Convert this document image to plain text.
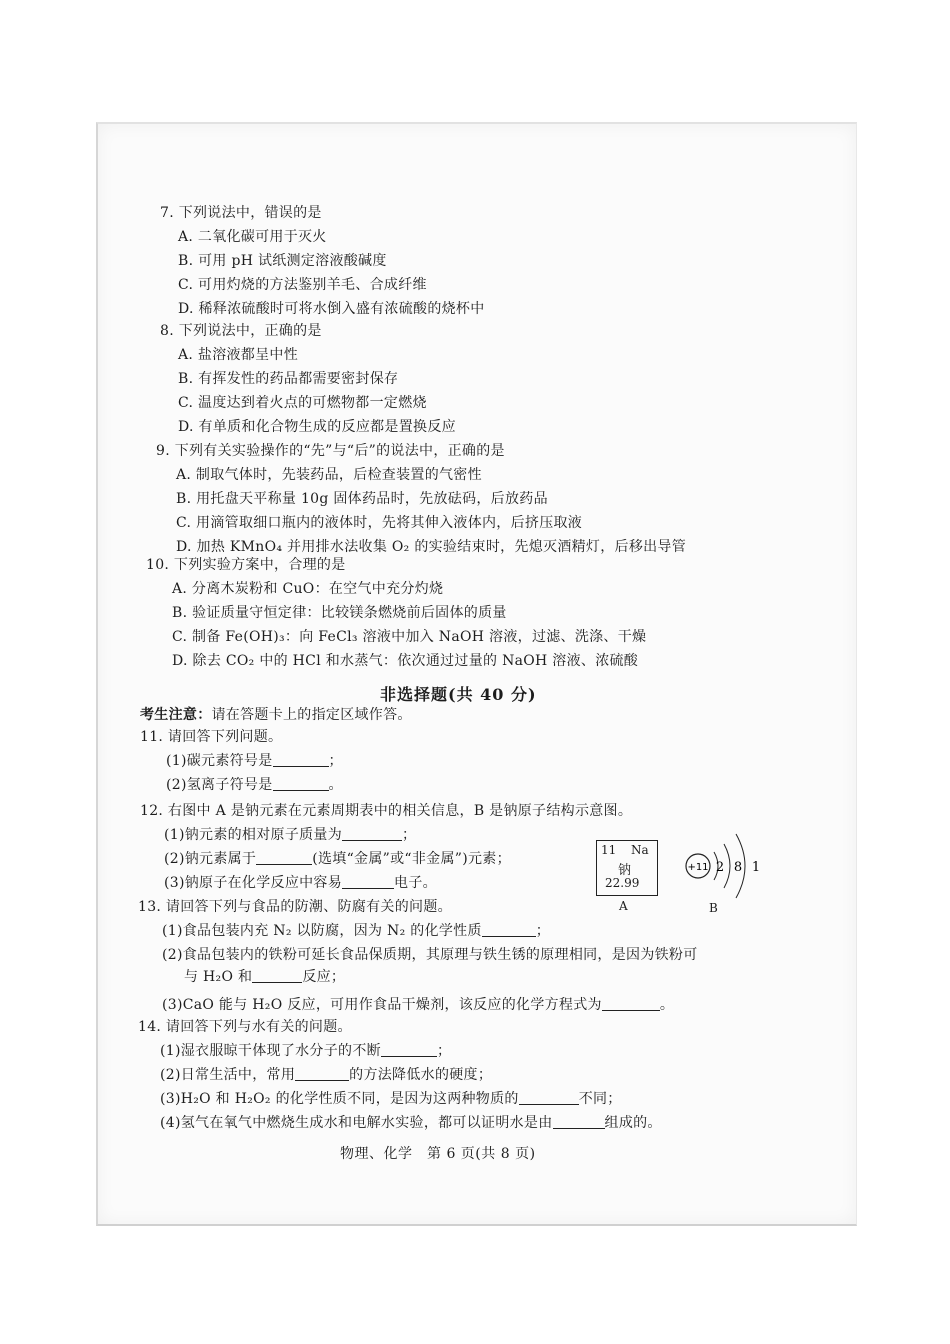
7. 下列说法中，错误的是
A. 二氧化碳可用于灭火
B. 可用 pH 试纸测定溶液酸碱度
C. 可用灼烧的方法鉴别羊毛、合成纤维
D. 稀释浓硫酸时可将水倒入盛有浓硫酸的烧杯中
8. 下列说法中，正确的是
A. 盐溶液都呈中性
B. 有挥发性的药品都需要密封保存
C. 温度达到着火点的可燃物都一定燃烧
D. 有单质和化合物生成的反应都是置换反应
9. 下列有关实验操作的“先”与“后”的说法中，正确的是
A. 制取气体时，先装药品，后检查装置的气密性
B. 用托盘天平称量 10g 固体药品时，先放砝码，后放药品
C. 用滴管取细口瓶内的液体时，先将其伸入液体内，后挤压取液
D. 加热 KMnO₄ 并用排水法收集 O₂ 的实验结束时，先熄灭酒精灯，后移出导管
10. 下列实验方案中，合理的是
A. 分离木炭粉和 CuO：在空气中充分灼烧
B. 验证质量守恒定律：比较镁条燃烧前后固体的质量
C. 制备 Fe(OH)₃：向 FeCl₃ 溶液中加入 NaOH 溶液，过滤、洗涤、干燥
D. 除去 CO₂ 中的 HCl 和水蒸气：依次通过过量的 NaOH 溶液、浓硫酸
非选择题(共 40 分)
考生注意：请在答题卡上的指定区域作答。
11. 请回答下列问题。
(1)碳元素符号是	；
(2)氢离子符号是	。
12. 右图中 A 是钠元素在元素周期表中的相关信息，B 是钠原子结构示意图。
(1)钠元素的相对原子质量为	；
(2)钠元素属于	(选填“金属”或“非金属”)元素；
(3)钠原子在化学反应中容易	电子。
11 Na
钠
22.99
A
+11 2 8 1
B
13. 请回答下列与食品的防潮、防腐有关的问题。
(1)食品包装内充 N₂ 以防腐，因为 N₂ 的化学性质	；
(2)食品包装内的铁粉可延长食品保质期，其原理与铁生锈的原理相同，是因为铁粉可
与 H₂O 和	反应；
(3)CaO 能与 H₂O 反应，可用作食品干燥剂，该反应的化学方程式为	。
14. 请回答下列与水有关的问题。
(1)湿衣服晾干体现了水分子的不断	；
(2)日常生活中，常用	的方法降低水的硬度；
(3)H₂O 和 H₂O₂ 的化学性质不同，是因为这两种物质的	不同；
(4)氢气在氧气中燃烧生成水和电解水实验，都可以证明水是由	组成的。
物理、化学　第 6 页(共 8 页)
